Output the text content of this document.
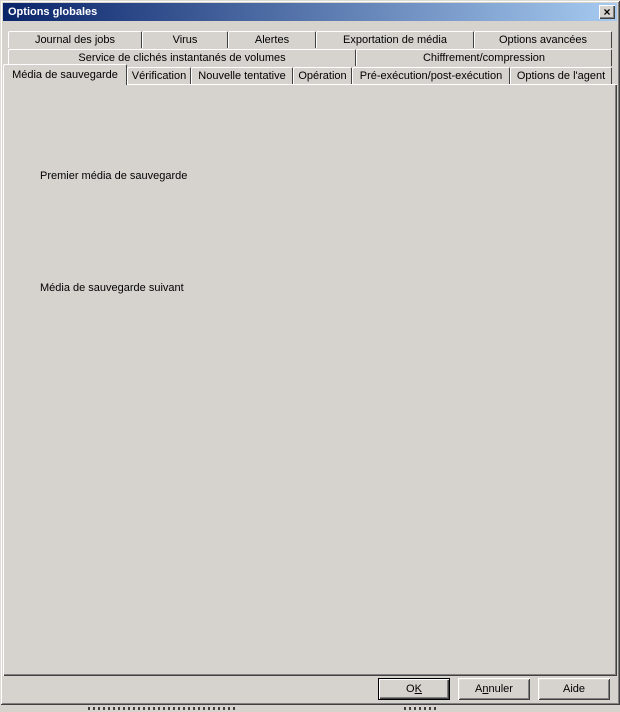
Options globales	×
Journal des jobs	Virus	Alertes	Exportation de média	Options avancées
Service de clichés instantanés de volumes	Chiffrement/compression
Média de sauvegarde Vérification Nouvelle tentative Opération Pré-exécution/post-exécution Options de l'agent
Premier média de sauvegarde
Média de sauvegarde suivant
O K	A n nuler	Aide
